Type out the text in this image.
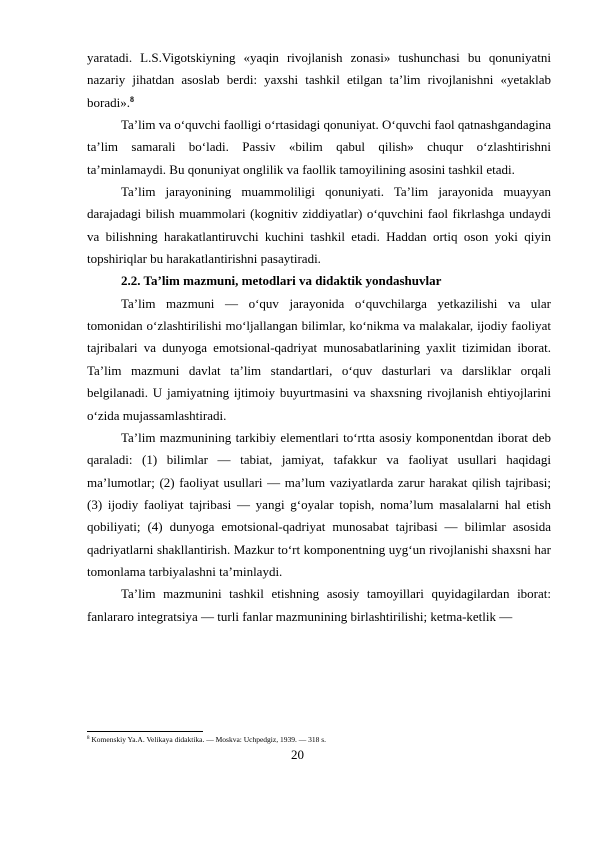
yaratadi. L.S.Vigotskiyning «yaqin rivojlanish zonasi» tushunchasi bu qonuniyatni nazariy jihatdan asoslab berdi: yaxshi tashkil etilgan ta’lim rivojlanishni «yetaklab boradi».$^8$

Ta’lim va o‘quvchi faolligi o‘rtasidagi qonuniyat. O‘quvchi faol qatnashgandagina ta’lim samarali bo‘ladi. Passiv «bilim qabul qilish» chuqur o‘zlashtirishni ta’minlamaydi. Bu qonuniyat onglilik va faollik tamoyilining asosini tashkil etadi.

Ta’lim jarayonining muammoliligi qonuniyati. Ta’lim jarayonida muayyan darajadagi bilish muammolari (kognitiv ziddiyatlar) o‘quvchini faol fikrlashga undaydi va bilishning harakatlantiruvchi kuchini tashkil etadi. Haddan ortiq oson yoki qiyin topshiriqlar bu harakatlantirishni pasaytiradi.

2.2. Ta’lim mazmuni, metodlari va didaktik yondashuvlar

Ta’lim mazmuni — o‘quv jarayonida o‘quvchilarga yetkazilishi va ular tomonidan o‘zlashtirilishi mo‘ljallangan bilimlar, ko‘nikma va malakalar, ijodiy faoliyat tajribalari va dunyoga emotsional-qadriyat munosabatlarining yaxlit tizimidan iborat. Ta’lim mazmuni davlat ta’lim standartlari, o‘quv dasturlari va darsliklar orqali belgilanadi. U jamiyatning ijtimoiy buyurtmasini va shaxsning rivojlanish ehtiyojlarini o‘zida mujassamlashtiradi.

Ta’lim mazmunining tarkibiy elementlari to‘rtta asosiy komponentdan iborat deb qaraladi: (1) bilimlar — tabiat, jamiyat, tafakkur va faoliyat usullari haqidagi ma’lumotlar; (2) faoliyat usullari — ma’lum vaziyatlarda zarur harakat qilish tajribasi; (3) ijodiy faoliyat tajribasi — yangi g‘oyalar topish, noma’lum masalalarni hal etish qobiliyati; (4) dunyoga emotsional-qadriyat munosabat tajribasi — bilimlar asosida qadriyatlarni shakllantirish. Mazkur to‘rt komponentning uyg‘un rivojlanishi shaxsni har tomonlama tarbiyalashni ta’minlaydi.

Ta’lim mazmunini tashkil etishning asosiy tamoyillari quyidagilardan iborat: fanlararo integratsiya — turli fanlar mazmunining birlashtirilishi; ketma-ketlik —

$^8$ Komenskiy Ya.A. Velikaya didaktika. — Moskva: Uchpedgiz, 1939. — 318 s.
20
